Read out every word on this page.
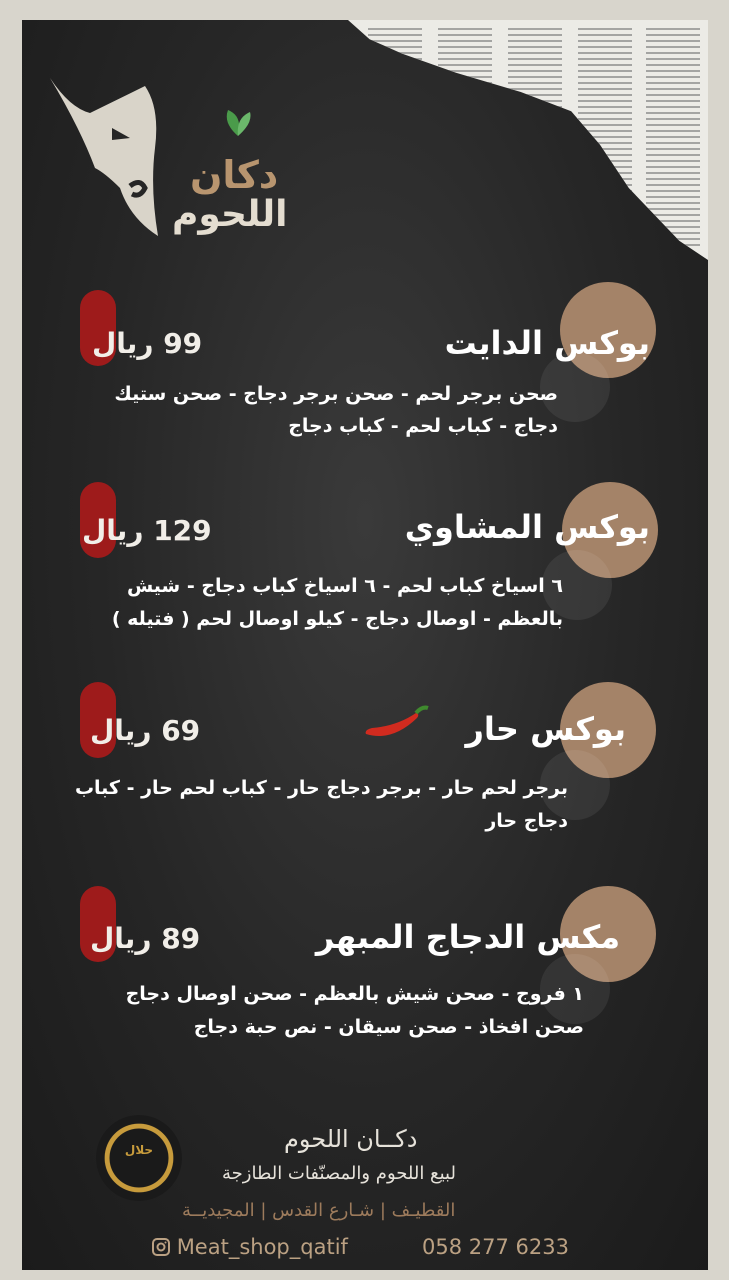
دكان
اللحوم
بوكس الدايت
99 ريال
صحن برجر لحم - صحن برجر دجاج - صحن ستيك
دجاج - كباب لحم - كباب دجاج
بوكس المشاوي
129 ريال
٦ اسياخ كباب لحم - ٦ اسياخ كباب دجاج - شيش
بالعظم - اوصال دجاج - كيلو اوصال لحم ( فتيله )
بوكس حار
69 ريال
برجر لحم حار - برجر دجاج حار - كباب لحم حار - كباب
دجاج حار
مكس الدجاج المبهر
89 ريال
١ فروج - صحن شيش بالعظم - صحن اوصال دجاج
صحن افخاذ - صحن سيقان - نص حبة دجاج
حلال	دكــان اللحوم
لبيع اللحوم والمصنّفات الطازجة
القطيـف | شـارع القدس | المجيديــة
Meat_shop_qatif	058 277 6233
